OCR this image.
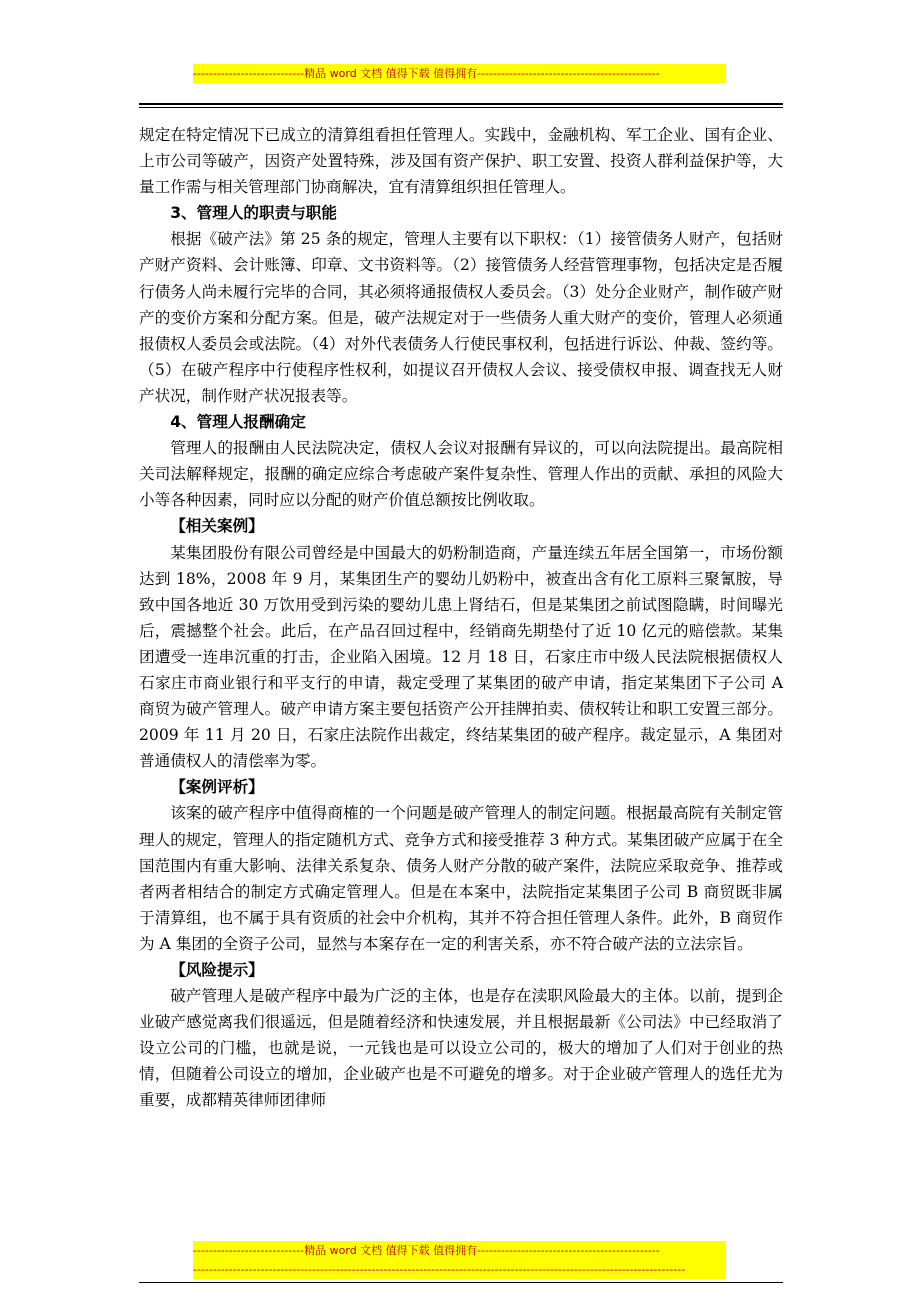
----------------------------精品 word 文档 值得下载 值得拥有----------------------------------------------

规定在特定情况下已成立的清算组看担任管理人。实践中，金融机构、军工企业、国有企业、上市公司等破产，因资产处置特殊，涉及国有资产保护、职工安置、投资人群利益保护等，大量工作需与相关管理部门协商解决，宜有清算组织担任管理人。

3、管理人的职责与职能

根据《破产法》第 25 条的规定，管理人主要有以下职权：（1）接管债务人财产，包括财产财产资料、会计账簿、印章、文书资料等。（2）接管债务人经营管理事物，包括决定是否履行债务人尚未履行完毕的合同，其必须将通报债权人委员会。（3）处分企业财产，制作破产财产的变价方案和分配方案。但是，破产法规定对于一些债务人重大财产的变价，管理人必须通报债权人委员会或法院。（4）对外代表债务人行使民事权利，包括进行诉讼、仲裁、签约等。（5）在破产程序中行使程序性权利，如提议召开债权人会议、接受债权申报、调查找无人财产状况，制作财产状况报表等。

4、管理人报酬确定

管理人的报酬由人民法院决定，债权人会议对报酬有异议的，可以向法院提出。最高院相关司法解释规定，报酬的确定应综合考虑破产案件复杂性、管理人作出的贡献、承担的风险大小等各种因素，同时应以分配的财产价值总额按比例收取。

【相关案例】

某集团股份有限公司曾经是中国最大的奶粉制造商，产量连续五年居全国第一，市场份额达到 18%，2008 年 9 月，某集团生产的婴幼儿奶粉中，被查出含有化工原料三聚氰胺，导致中国各地近 30 万饮用受到污染的婴幼儿患上肾结石，但是某集团之前试图隐瞒，时间曝光后，震撼整个社会。此后，在产品召回过程中，经销商先期垫付了近 10 亿元的赔偿款。某集团遭受一连串沉重的打击，企业陷入困境。12 月 18 日，石家庄市中级人民法院根据债权人石家庄市商业银行和平支行的申请，裁定受理了某集团的破产申请，指定某集团下子公司 A 商贸为破产管理人。破产申请方案主要包括资产公开挂牌拍卖、债权转让和职工安置三部分。2009 年 11 月 20 日，石家庄法院作出裁定，终结某集团的破产程序。裁定显示，A 集团对普通债权人的清偿率为零。

【案例评析】

该案的破产程序中值得商榷的一个问题是破产管理人的制定问题。根据最高院有关制定管理人的规定，管理人的指定随机方式、竞争方式和接受推荐 3 种方式。某集团破产应属于在全国范围内有重大影响、法律关系复杂、债务人财产分散的破产案件，法院应采取竞争、推荐或者两者相结合的制定方式确定管理人。但是在本案中，法院指定某集团子公司 B 商贸既非属于清算组，也不属于具有资质的社会中介机构，其并不符合担任管理人条件。此外，B 商贸作为 A 集团的全资子公司，显然与本案存在一定的利害关系，亦不符合破产法的立法宗旨。

【风险提示】

破产管理人是破产程序中最为广泛的主体，也是存在渎职风险最大的主体。以前，提到企业破产感觉离我们很遥远，但是随着经济和快速发展，并且根据最新《公司法》中已经取消了设立公司的门槛，也就是说，一元钱也是可以设立公司的，极大的增加了人们对于创业的热情，但随着公司设立的增加，企业破产也是不可避免的增多。对于企业破产管理人的选任尤为重要，成都精英律师团律师

----------------------------精品 word 文档 值得下载 值得拥有----------------------------------------------
----------------------------------------------------------------------------------------------------------------------------
